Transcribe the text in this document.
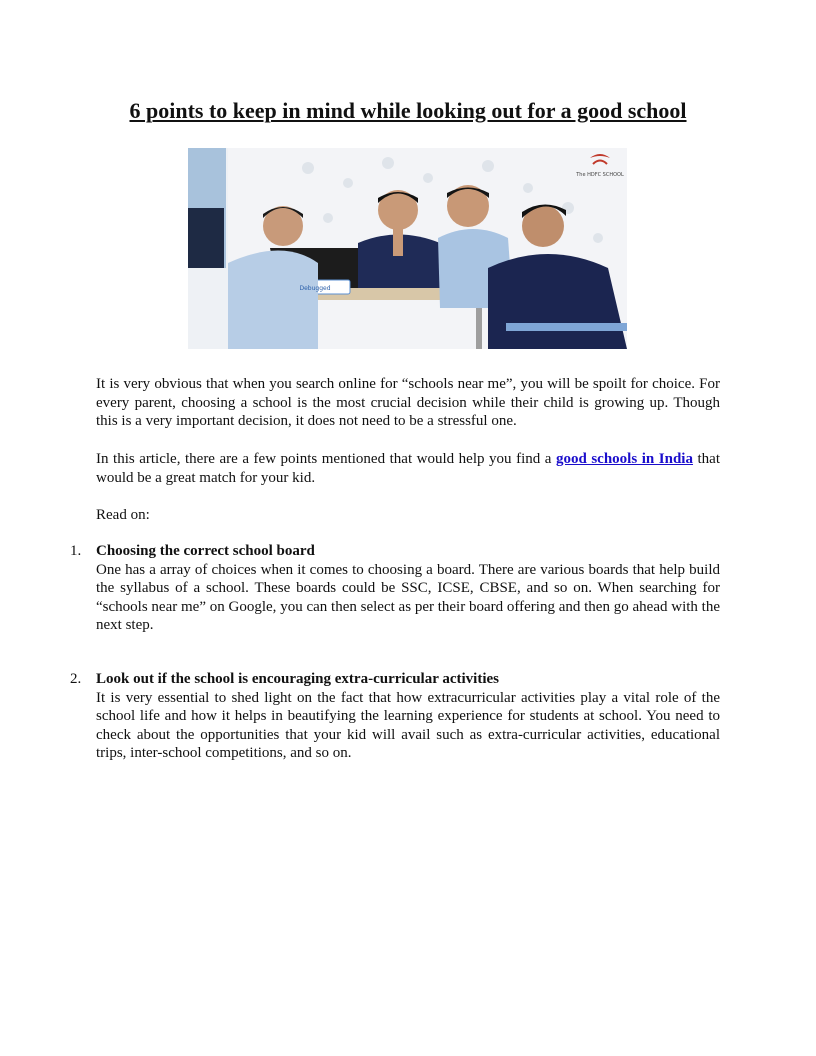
6 points to keep in mind while looking out for a good school
The HDFC SCHOOL
Debugged

It is very obvious that when you search online for “schools near me”, you will be spoilt for choice. For every parent, choosing a school is the most crucial decision while their child is growing up. Though this is a very important decision, it does not need to be a stressful one.

In this article, there are a few points mentioned that would help you find a good schools in India that would be a great match for your kid.

Read on:

1. Choosing the correct school board

One has a array of choices when it comes to choosing a board. There are various boards that help build the syllabus of a school. These boards could be SSC, ICSE, CBSE, and so on. When searching for “schools near me” on Google, you can then select as per their board offering and then go ahead with the next step.

2. Look out if the school is encouraging extra-curricular activities

It is very essential to shed light on the fact that how extracurricular activities play a vital role of the school life and how it helps in beautifying the learning experience for students at school. You need to check about the opportunities that your kid will avail such as extra-curricular activities, educational trips, inter-school competitions, and so on.
